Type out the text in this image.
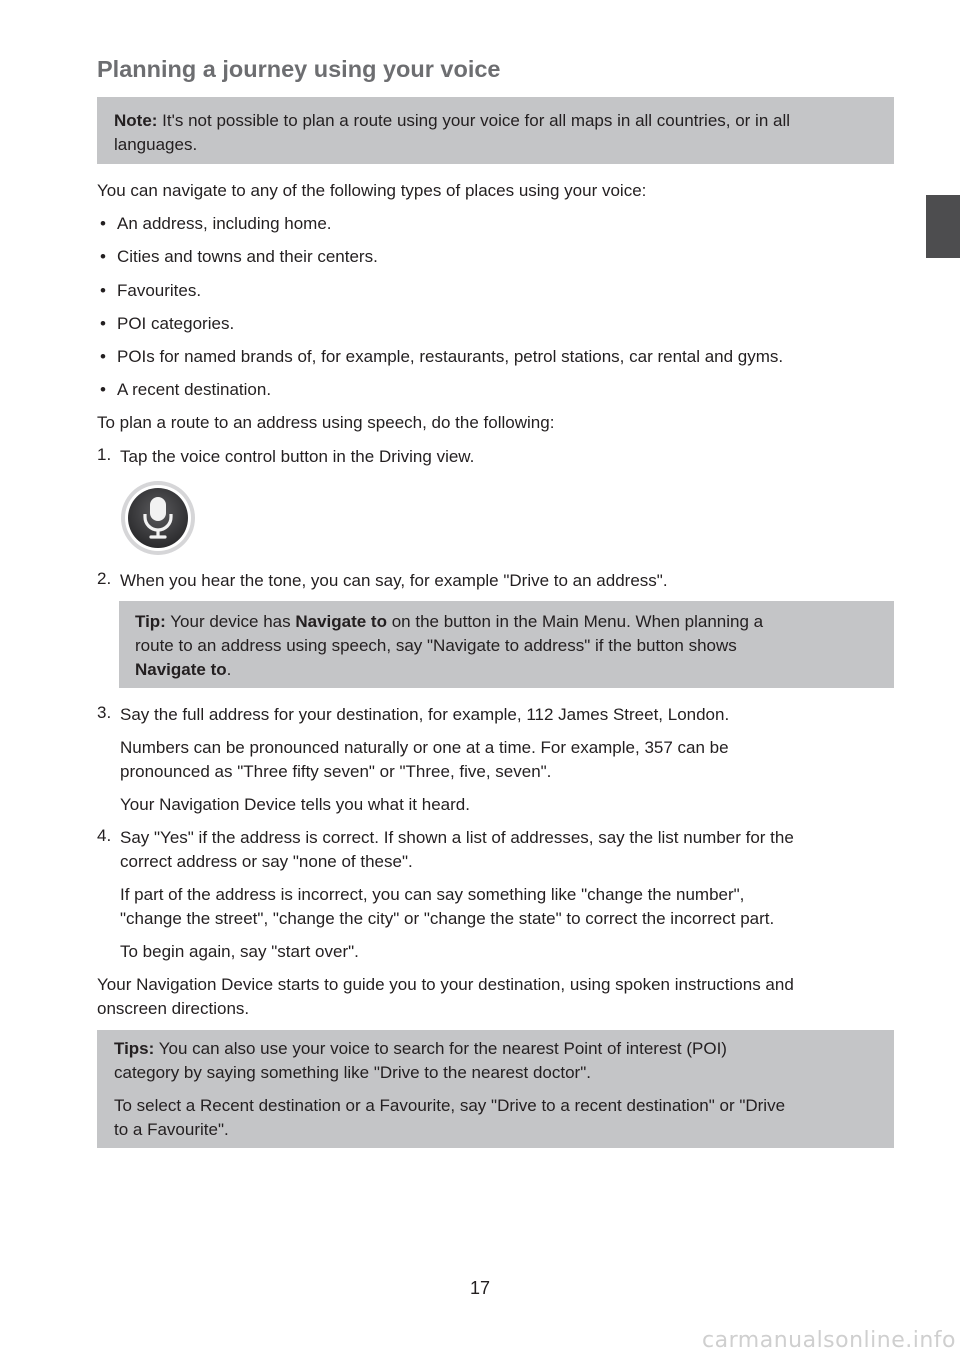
Planning a journey using your voice

Note: It's not possible to plan a route using your voice for all maps in all countries, or in all

languages.

You can navigate to any of the following types of places using your voice:
• An address, including home.
• Cities and towns and their centers.
• Favourites.
• POI categories.
• POIs for named brands of, for example, restaurants, petrol stations, car rental and gyms.
• A recent destination.
To plan a route to an address using speech, do the following:
1. Tap the voice control button in the Driving view.
2. When you hear the tone, you can say, for example "Drive to an address".

Tip: Your device has Navigate to on the button in the Main Menu. When planning a

route to an address using speech, say "Navigate to address" if the button shows

Navigate to.

3. Say the full address for your destination, for example, 112 James Street, London.
Numbers can be pronounced naturally or one at a time. For example, 357 can be
pronounced as "Three fifty seven" or "Three, five, seven".
Your Navigation Device tells you what it heard.
4. Say "Yes" if the address is correct. If shown a list of addresses, say the list number for the
correct address or say "none of these".
If part of the address is incorrect, you can say something like "change the number",
"change the street", "change the city" or "change the state" to correct the incorrect part.
To begin again, say "start over".
Your Navigation Device starts to guide you to your destination, using spoken instructions and
onscreen directions.

Tips: You can also use your voice to search for the nearest Point of interest (POI)

category by saying something like "Drive to the nearest doctor".

To select a Recent destination or a Favourite, say "Drive to a recent destination" or "Drive

to a Favourite".

17
carmanualsonline.info
